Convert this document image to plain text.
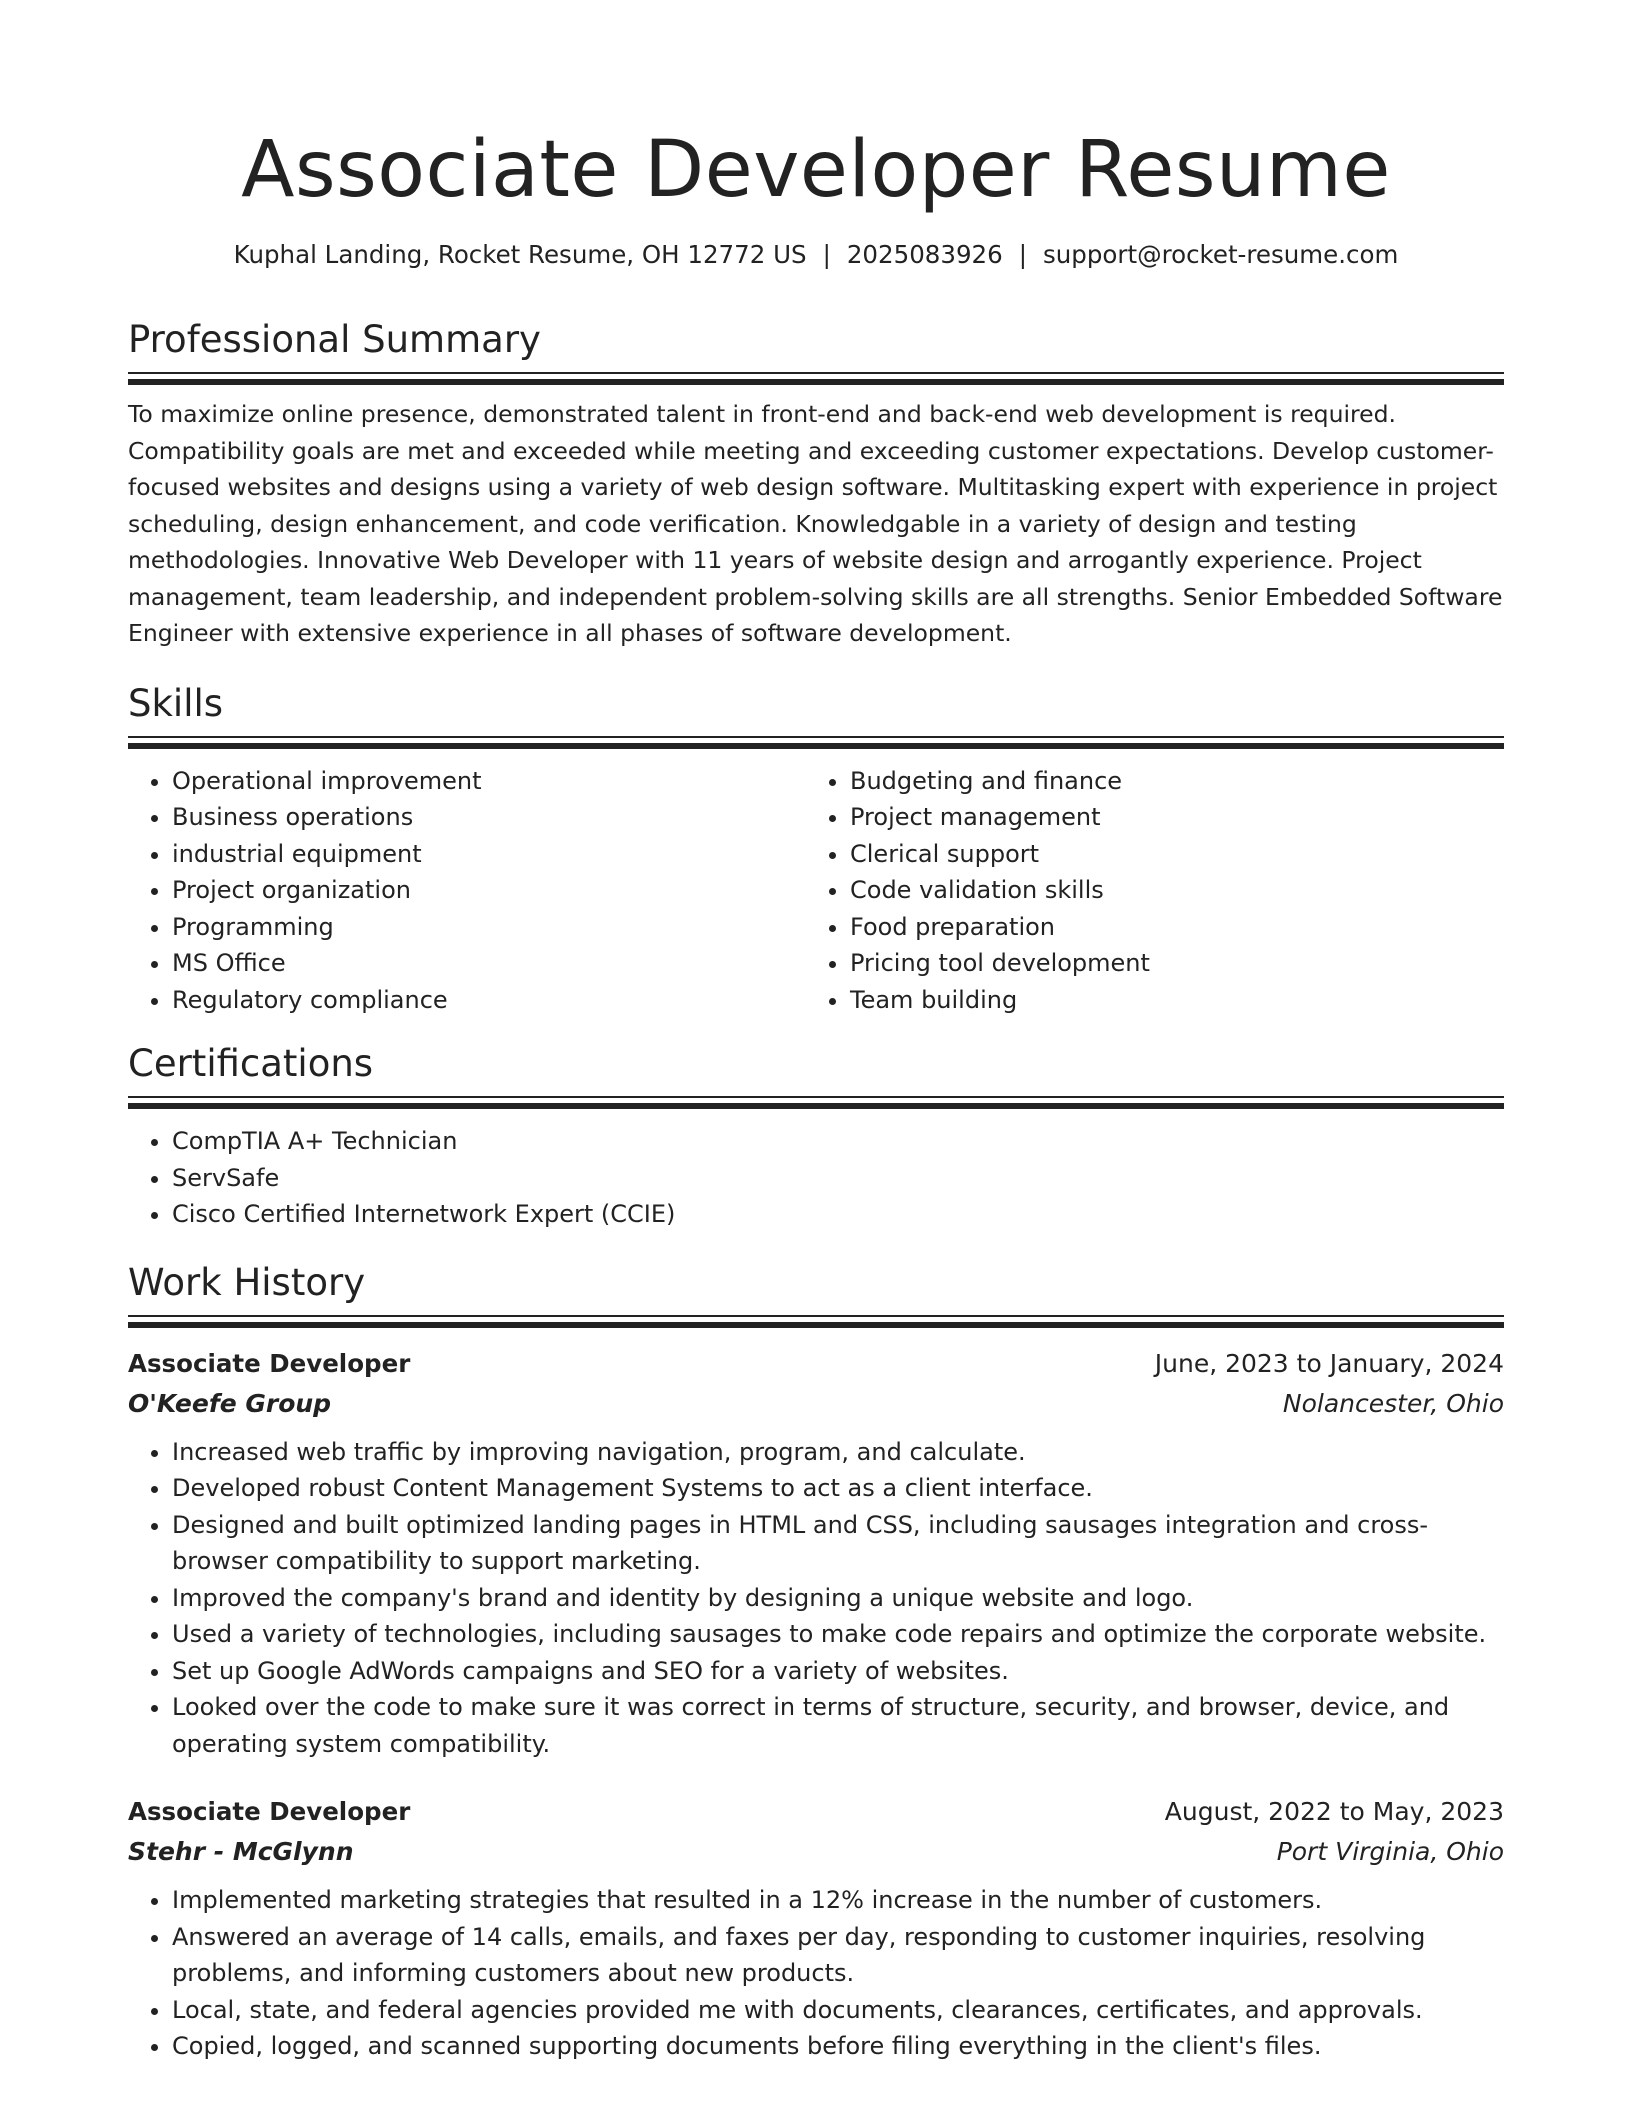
Associate Developer Resume
Kuphal Landing, Rocket Resume, OH 12772 US | 2025083926 | support@rocket-resume.com
Professional Summary

To maximize online presence, demonstrated talent in front-end and back-end web development is required. Compatibility goals are met and exceeded while meeting and exceeding customer expectations. Develop customer-focused websites and designs using a variety of web design software. Multitasking expert with experience in project scheduling, design enhancement, and code verification. Knowledgable in a variety of design and testing methodologies. Innovative Web Developer with 11 years of website design and arrogantly experience. Project management, team leadership, and independent problem-solving skills are all strengths. Senior Embedded Software Engineer with extensive experience in all phases of software development.

Skills
• Operational improvement
• Business operations
• industrial equipment
• Project organization
• Programming
• MS Office
• Regulatory compliance
• Budgeting and finance
• Project management
• Clerical support
• Code validation skills
• Food preparation
• Pricing tool development
• Team building
Certifications
• CompTIA A+ Technician
• ServSafe
• Cisco Certified Internetwork Expert (CCIE)
Work History
Associate Developer	June, 2023 to January, 2024
O'Keefe Group	Nolancester, Ohio
• Increased web traffic by improving navigation, program, and calculate.
• Developed robust Content Management Systems to act as a client interface.
• Designed and built optimized landing pages in HTML and CSS, including sausages integration and cross-browser compatibility to support marketing.
• Improved the company's brand and identity by designing a unique website and logo.
• Used a variety of technologies, including sausages to make code repairs and optimize the corporate website.
• Set up Google AdWords campaigns and SEO for a variety of websites.
• Looked over the code to make sure it was correct in terms of structure, security, and browser, device, and operating system compatibility.
Associate Developer	August, 2022 to May, 2023
Stehr - McGlynn	Port Virginia, Ohio
• Implemented marketing strategies that resulted in a 12% increase in the number of customers.
• Answered an average of 14 calls, emails, and faxes per day, responding to customer inquiries, resolving problems, and informing customers about new products.
• Local, state, and federal agencies provided me with documents, clearances, certificates, and approvals.
• Copied, logged, and scanned supporting documents before filing everything in the client's files.
